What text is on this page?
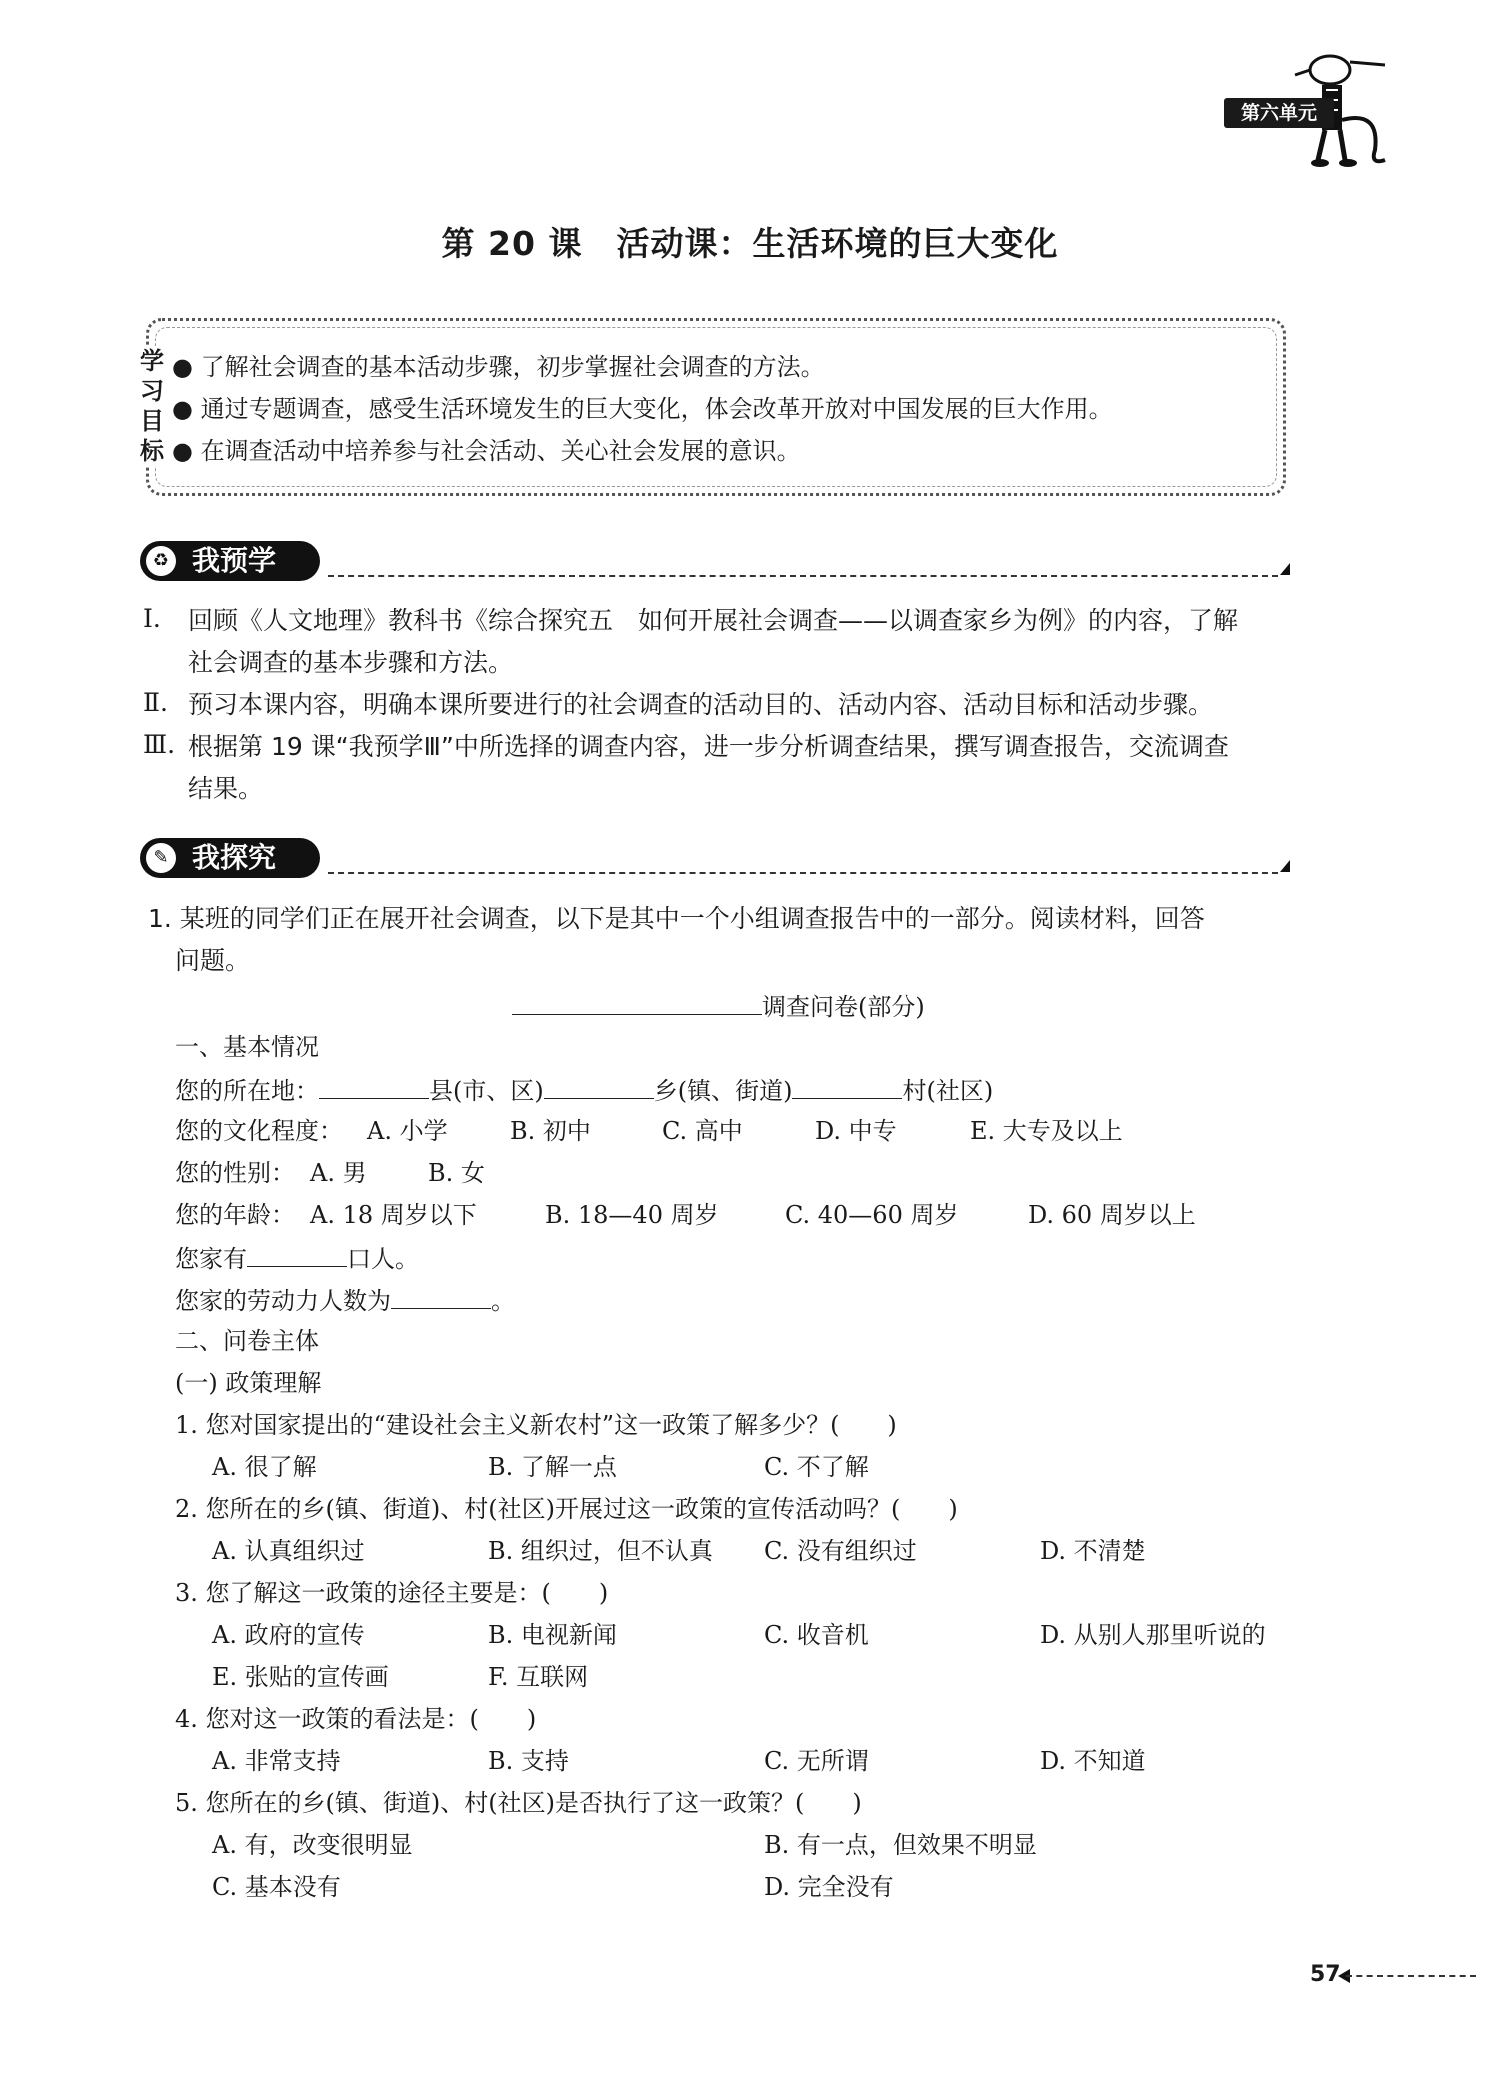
第六单元
第 20 课　活动课：生活环境的巨大变化
学
习
目
标
● 了解社会调查的基本活动步骤，初步掌握社会调查的方法。
● 通过专题调查，感受生活环境发生的巨大变化，体会改革开放对中国发展的巨大作用。
● 在调查活动中培养参与社会活动、关心社会发展的意识。
♻ 我预学
Ⅰ. 回顾《人文地理》教科书《综合探究五　如何开展社会调查——以调查家乡为例》的内容，了解
社会调查的基本步骤和方法。
Ⅱ. 预习本课内容，明确本课所要进行的社会调查的活动目的、活动内容、活动目标和活动步骤。
Ⅲ. 根据第 19 课“我预学Ⅲ”中所选择的调查内容，进一步分析调查结果，撰写调查报告，交流调查
结果。
✎ 我探究
1. 某班的同学们正在展开社会调查，以下是其中一个小组调查报告中的一部分。阅读材料，回答
问题。
调查问卷(部分)
一、基本情况
您的所在地：	县(市、区)	乡(镇、街道)	村(社区)
您的文化程度： A. 小学	B. 初中	C. 高中	D. 中专	E. 大专及以上
您的性别： A. 男	B. 女
您的年龄： A. 18 周岁以下	B. 18—40 周岁	C. 40—60 周岁	D. 60 周岁以上
您家有	口人。
您家的劳动力人数为	。
二、问卷主体
(一) 政策理解
1. 您对国家提出的“建设社会主义新农村”这一政策了解多少？(　　)
A. 很了解	B. 了解一点	C. 不了解
2. 您所在的乡(镇、街道)、村(社区)开展过这一政策的宣传活动吗？(　　)
A. 认真组织过	B. 组织过，但不认真 C. 没有组织过	D. 不清楚
3. 您了解这一政策的途径主要是：(　　)
A. 政府的宣传	B. 电视新闻	C. 收音机	D. 从别人那里听说的
E. 张贴的宣传画	F. 互联网
4. 您对这一政策的看法是：(　　)
A. 非常支持	B. 支持	C. 无所谓	D. 不知道
5. 您所在的乡(镇、街道)、村(社区)是否执行了这一政策？(　　)
A. 有，改变很明显	B. 有一点，但效果不明显
C. 基本没有	D. 完全没有
57
